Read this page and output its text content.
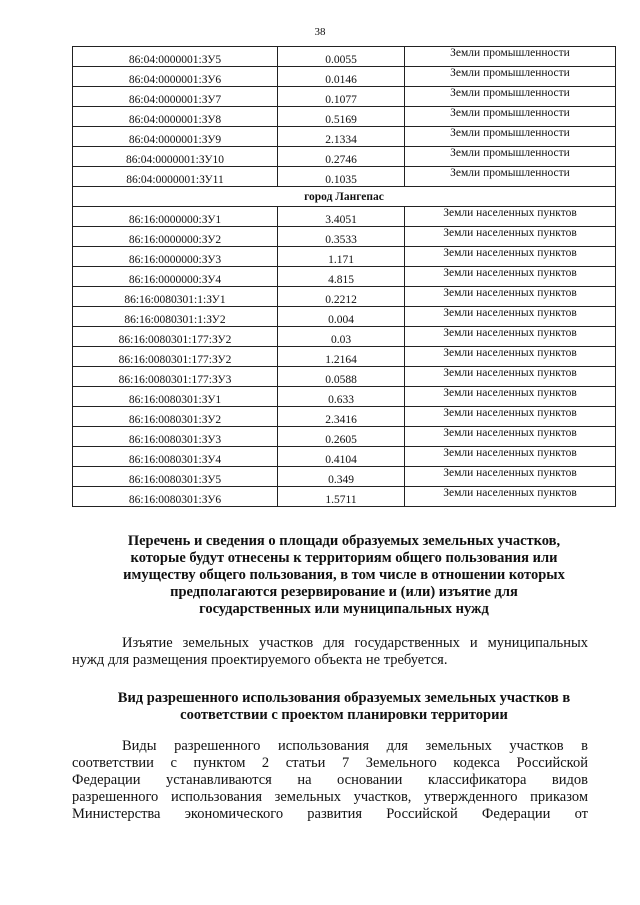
38
86:04:0000001:ЗУ5	0.0055	Земли промышленности
86:04:0000001:ЗУ6	0.0146	Земли промышленности
86:04:0000001:ЗУ7	0.1077	Земли промышленности
86:04:0000001:ЗУ8	0.5169	Земли промышленности
86:04:0000001:ЗУ9	2.1334	Земли промышленности
86:04:0000001:ЗУ10	0.2746	Земли промышленности
86:04:0000001:ЗУ11	0.1035	Земли промышленности
город Лангепас		
86:16:0000000:ЗУ1	3.4051	Земли населенных пунктов
86:16:0000000:ЗУ2	0.3533	Земли населенных пунктов
86:16:0000000:ЗУ3	1.171	Земли населенных пунктов
86:16:0000000:ЗУ4	4.815	Земли населенных пунктов
86:16:0080301:1:ЗУ1	0.2212	Земли населенных пунктов
86:16:0080301:1:ЗУ2	0.004	Земли населенных пунктов
86:16:0080301:177:ЗУ2	0.03	Земли населенных пунктов
86:16:0080301:177:ЗУ2	1.2164	Земли населенных пунктов
86:16:0080301:177:ЗУ3	0.0588	Земли населенных пунктов
86:16:0080301:ЗУ1	0.633	Земли населенных пунктов
86:16:0080301:ЗУ2	2.3416	Земли населенных пунктов
86:16:0080301:ЗУ3	0.2605	Земли населенных пунктов
86:16:0080301:ЗУ4	0.4104	Земли населенных пунктов
86:16:0080301:ЗУ5	0.349	Земли населенных пунктов
86:16:0080301:ЗУ6	1.5711	Земли населенных пунктов
Перечень и сведения о площади образуемых земельных участков,
которые будут отнесены к территориям общего пользования или
имуществу общего пользования, в том числе в отношении которых
предполагаются резервирование и (или) изъятие для
государственных или муниципальных нужд
Изъятие земельных участков для государственных и муниципальных
нужд для размещения проектируемого объекта не требуется.
Вид разрешенного использования образуемых земельных участков в
соответствии с проектом планировки территории
Виды разрешенного использования для земельных участков в
соответствии с пунктом 2 статьи 7 Земельного кодекса Российской
Федерации устанавливаются на основании классификатора видов
разрешенного использования земельных участков, утвержденного приказом
Министерства экономического развития Российской Федерации от
